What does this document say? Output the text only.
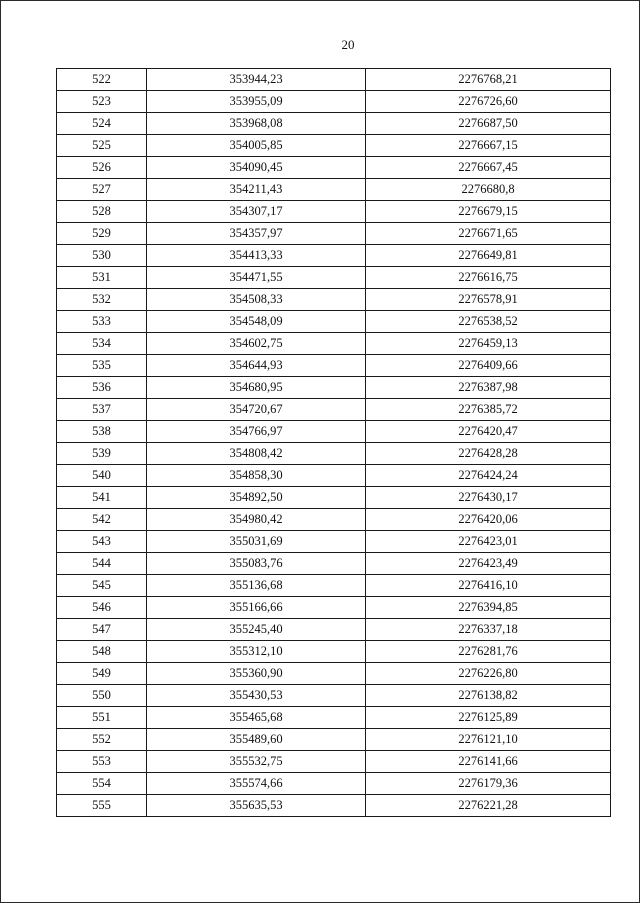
20
522	353944,23	2276768,21
523	353955,09	2276726,60
524	353968,08	2276687,50
525	354005,85	2276667,15
526	354090,45	2276667,45
527	354211,43	2276680,8
528	354307,17	2276679,15
529	354357,97	2276671,65
530	354413,33	2276649,81
531	354471,55	2276616,75
532	354508,33	2276578,91
533	354548,09	2276538,52
534	354602,75	2276459,13
535	354644,93	2276409,66
536	354680,95	2276387,98
537	354720,67	2276385,72
538	354766,97	2276420,47
539	354808,42	2276428,28
540	354858,30	2276424,24
541	354892,50	2276430,17
542	354980,42	2276420,06
543	355031,69	2276423,01
544	355083,76	2276423,49
545	355136,68	2276416,10
546	355166,66	2276394,85
547	355245,40	2276337,18
548	355312,10	2276281,76
549	355360,90	2276226,80
550	355430,53	2276138,82
551	355465,68	2276125,89
552	355489,60	2276121,10
553	355532,75	2276141,66
554	355574,66	2276179,36
555	355635,53	2276221,28
